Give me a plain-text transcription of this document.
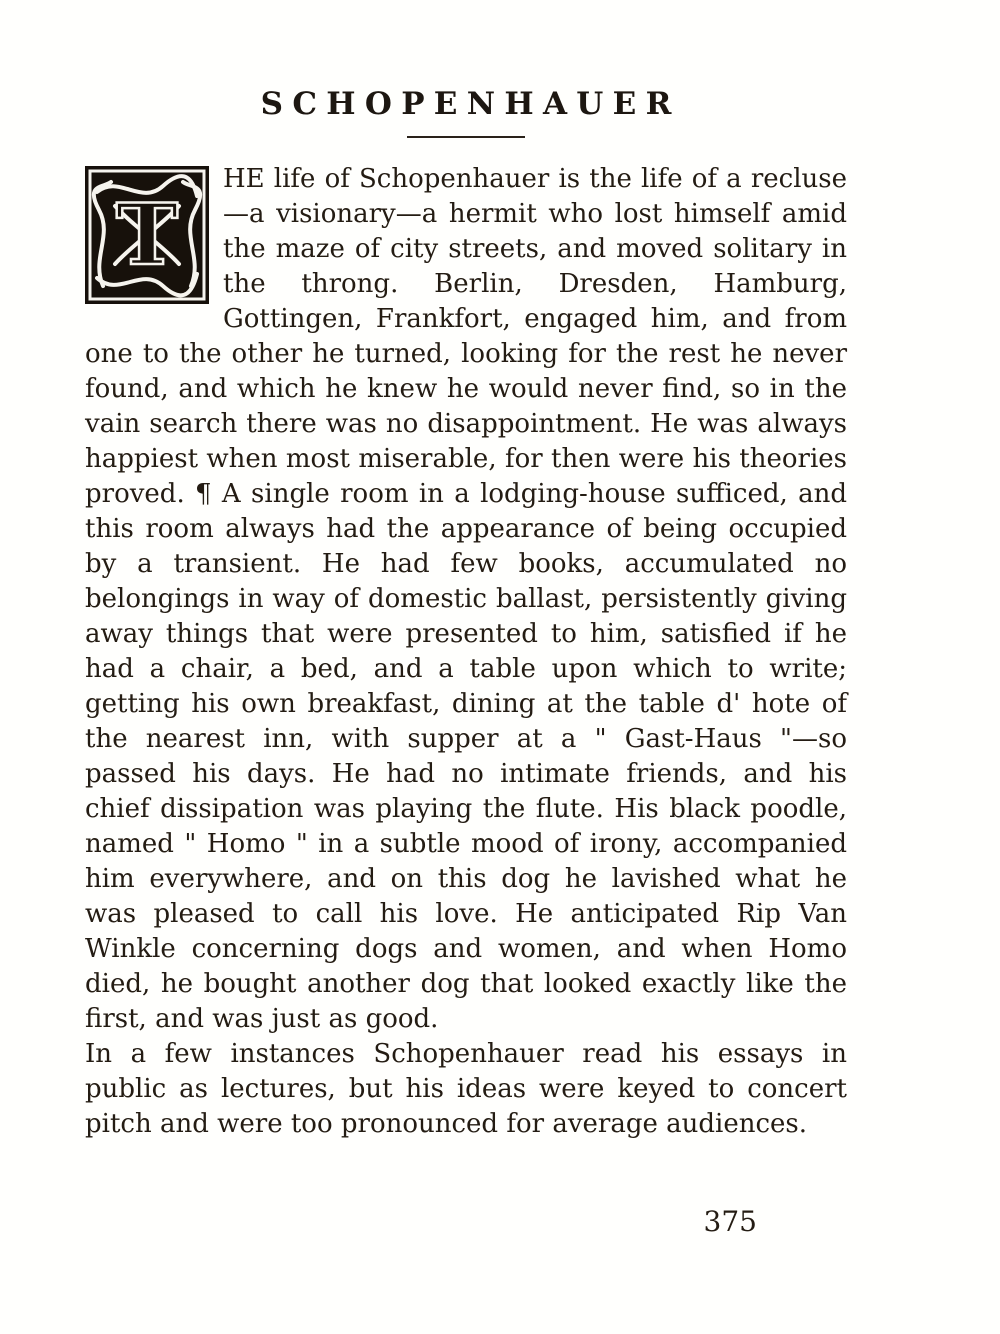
SCHOPENHAUER

T
HE life of Schopenhauer is the life of a recluse—a visionary—a hermit who lost himself amid the maze of city streets, and moved solitary in the throng. Berlin, Dresden, Hamburg, Gottingen, Frankfort, engaged him, and from one to the other he turned, looking for the rest he never found, and which he knew he would never find, so in the vain search there was no disappointment. He was always happiest when most miserable, for then were his theories proved. ¶ A single room in a lodging-house sufficed, and this room always had the appearance of being occupied by a transient. He had few books, accumulated no belongings in way of domestic ballast, persistently giving away things that were presented to him, satisfied if he had a chair, a bed, and a table upon which to write; getting his own breakfast, dining at the table d' hote of the nearest inn, with supper at a " Gast-Haus "—so passed his days. He had no intimate friends, and his chief dissipation was playing the flute. His black poodle, named " Homo " in a subtle mood of irony, accompanied him everywhere, and on this dog he lavished what he was pleased to call his love. He anticipated Rip Van Winkle concerning dogs and women, and when Homo died, he bought another dog that looked exactly like the first, and was just as good.

In a few instances Schopenhauer read his essays in public as lectures, but his ideas were keyed to concert pitch and were too pronounced for average audiences.

375
